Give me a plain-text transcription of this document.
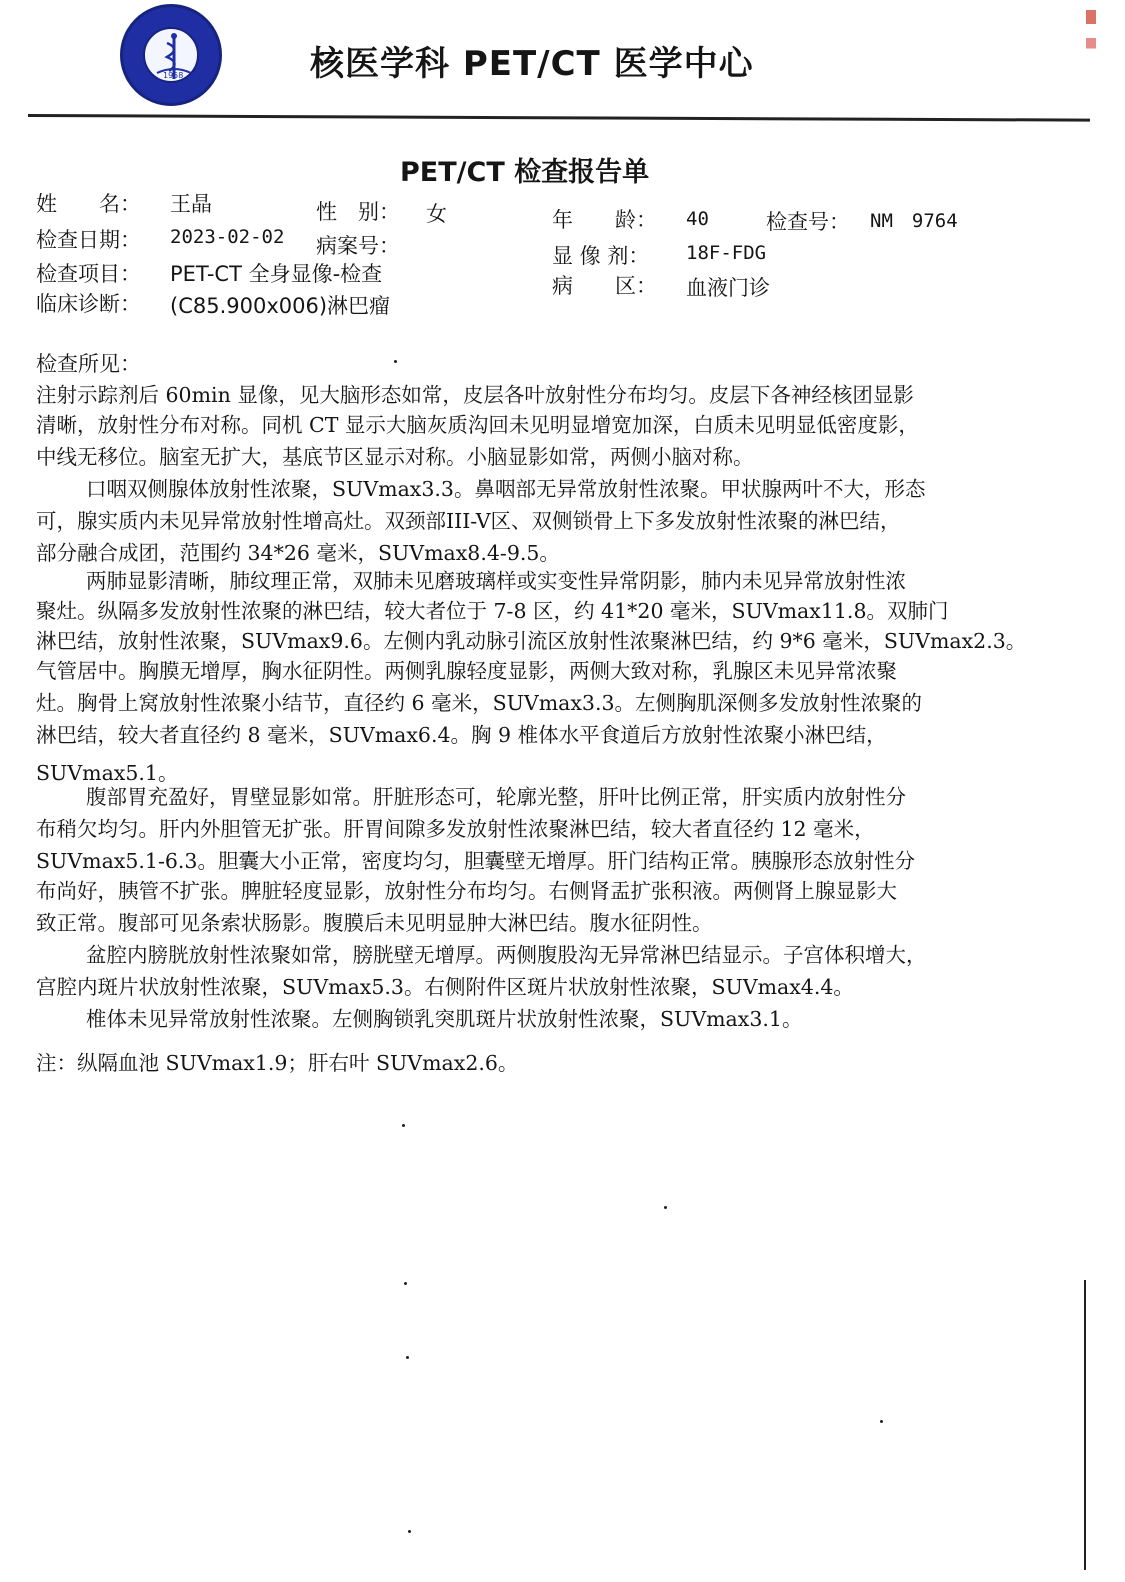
1958	核医学科 PET/CT 医学中心
PET/CT 检查报告单
姓　　名： 王晶	性　别： 女	年　　龄： 40	检查号： NM　9764
检查日期： 2023-02-02 病案号：	显 像 剂： 18F-FDG
检查项目： PET-CT 全身显像-检查	病　　区： 血液门诊
临床诊断： (C85.900x006)淋巴瘤
检查所见：
注射示踪剂后 60min 显像，见大脑形态如常，皮层各叶放射性分布均匀。皮层下各神经核团显影
清晰，放射性分布对称。同机 CT 显示大脑灰质沟回未见明显增宽加深，白质未见明显低密度影，
中线无移位。脑室无扩大，基底节区显示对称。小脑显影如常，两侧小脑对称。
口咽双侧腺体放射性浓聚，SUVmax3.3。鼻咽部无异常放射性浓聚。甲状腺两叶不大，形态
可，腺实质内未见异常放射性增高灶。双颈部III-V区、双侧锁骨上下多发放射性浓聚的淋巴结，
部分融合成团，范围约 34*26 毫米，SUVmax8.4-9.5。
两肺显影清晰，肺纹理正常，双肺未见磨玻璃样或实变性异常阴影，肺内未见异常放射性浓
聚灶。纵隔多发放射性浓聚的淋巴结，较大者位于 7-8 区，约 41*20 毫米，SUVmax11.8。双肺门
淋巴结，放射性浓聚，SUVmax9.6。左侧内乳动脉引流区放射性浓聚淋巴结，约 9*6 毫米，SUVmax2.3。
气管居中。胸膜无增厚，胸水征阴性。两侧乳腺轻度显影，两侧大致对称，乳腺区未见异常浓聚
灶。胸骨上窝放射性浓聚小结节，直径约 6 毫米，SUVmax3.3。左侧胸肌深侧多发放射性浓聚的
淋巴结，较大者直径约 8 毫米，SUVmax6.4。胸 9 椎体水平食道后方放射性浓聚小淋巴结，
SUVmax5.1。
腹部胃充盈好，胃壁显影如常。肝脏形态可，轮廓光整，肝叶比例正常，肝实质内放射性分
布稍欠均匀。肝内外胆管无扩张。肝胃间隙多发放射性浓聚淋巴结，较大者直径约 12 毫米，
SUVmax5.1-6.3。胆囊大小正常，密度均匀，胆囊壁无增厚。肝门结构正常。胰腺形态放射性分
布尚好，胰管不扩张。脾脏轻度显影，放射性分布均匀。右侧肾盂扩张积液。两侧肾上腺显影大
致正常。腹部可见条索状肠影。腹膜后未见明显肿大淋巴结。腹水征阴性。
盆腔内膀胱放射性浓聚如常，膀胱壁无增厚。两侧腹股沟无异常淋巴结显示。子宫体积增大，
宫腔内斑片状放射性浓聚，SUVmax5.3。右侧附件区斑片状放射性浓聚，SUVmax4.4。
椎体未见异常放射性浓聚。左侧胸锁乳突肌斑片状放射性浓聚，SUVmax3.1。
注：纵隔血池 SUVmax1.9；肝右叶 SUVmax2.6。
